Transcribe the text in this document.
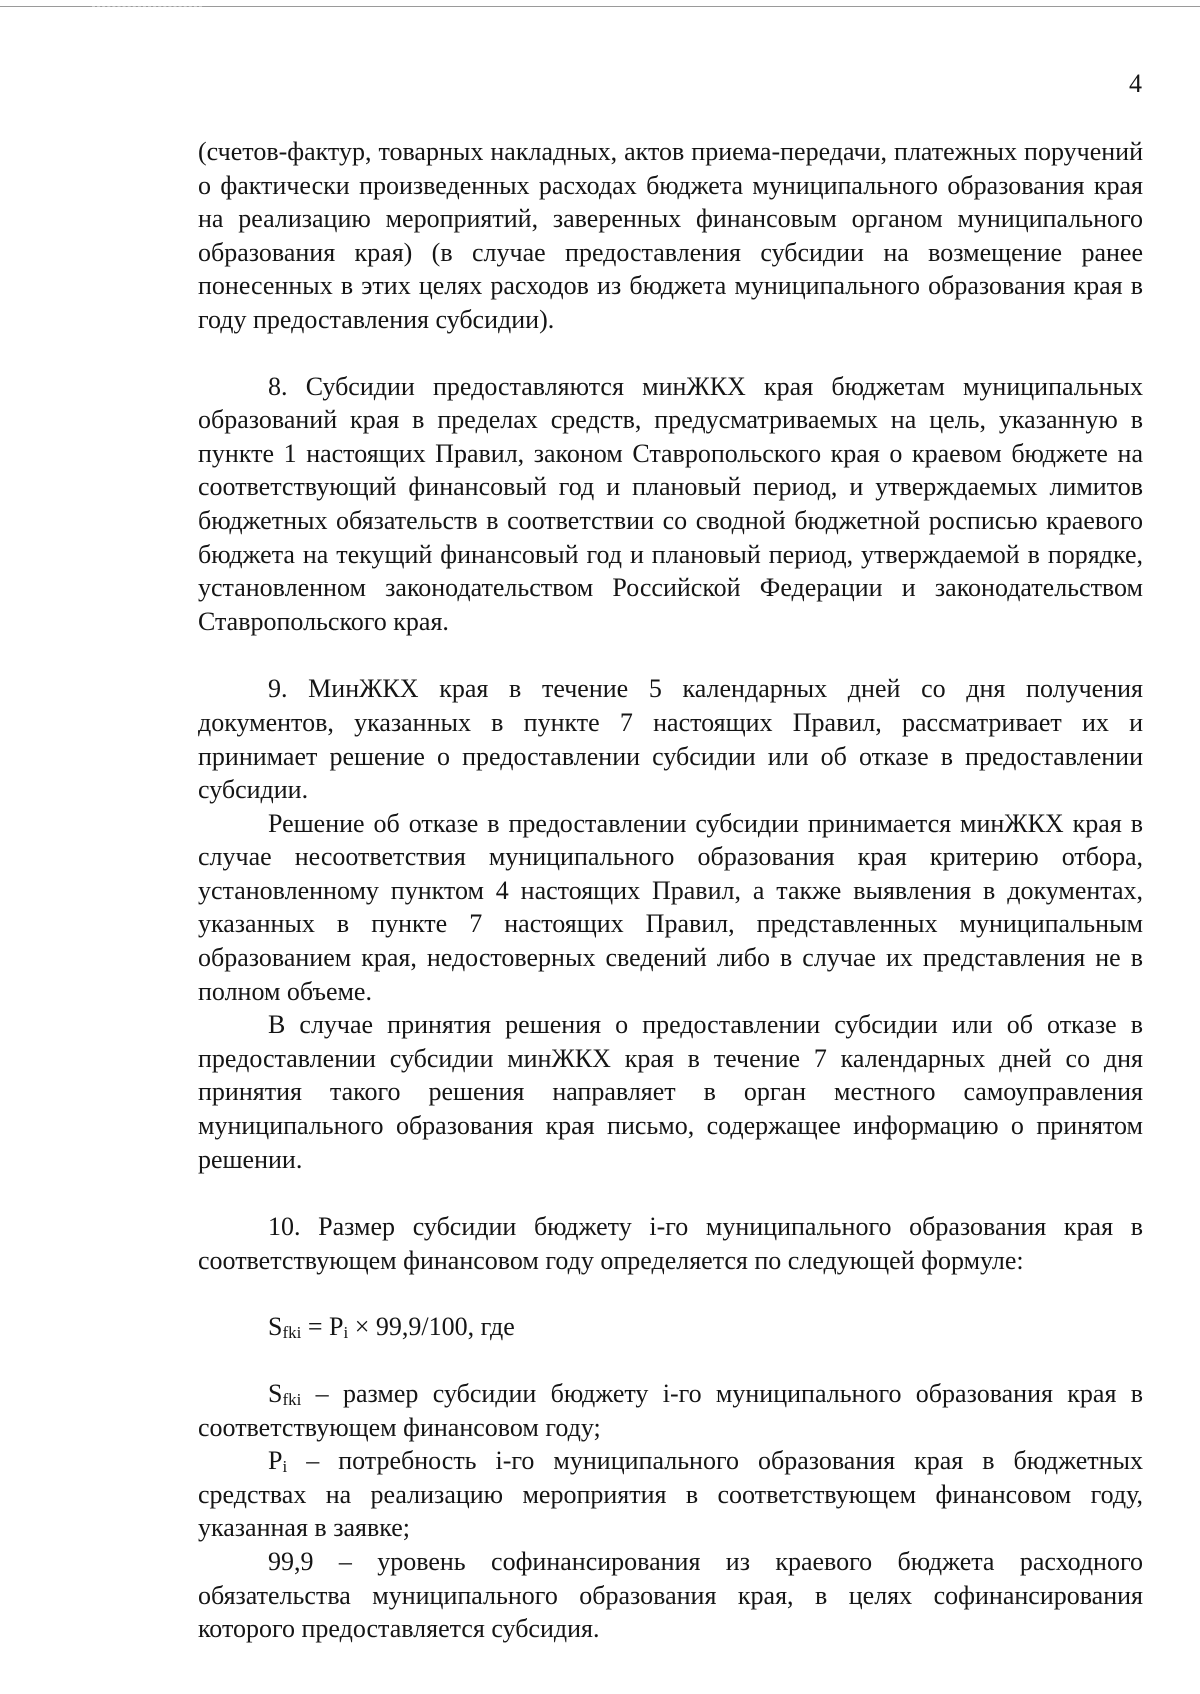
4

(счетов-фактур, товарных накладных, актов приема-передачи, платежных поручений о фактически произведенных расходах бюджета муниципального образования края на реализацию мероприятий, заверенных финансовым органом муниципального образования края) (в случае предоставления субсидии на возмещение ранее понесенных в этих целях расходов из бюджета муниципального образования края в году предоставления субсидии).

8. Субсидии предоставляются минЖКХ края бюджетам муниципальных образований края в пределах средств, предусматриваемых на цель, указанную в пункте 1 настоящих Правил, законом Ставропольского края о краевом бюджете на соответствующий финансовый год и плановый период, и утверждаемых лимитов бюджетных обязательств в соответствии со сводной бюджетной росписью краевого бюджета на текущий финансовый год и плановый период, утверждаемой в порядке, установленном законодательством Российской Федерации и законодательством Ставропольского края.

9. МинЖКХ края в течение 5 календарных дней со дня получения документов, указанных в пункте 7 настоящих Правил, рассматривает их и принимает решение о предоставлении субсидии или об отказе в предоставлении субсидии.

Решение об отказе в предоставлении субсидии принимается минЖКХ края в случае несоответствия муниципального образования края критерию отбора, установленному пунктом 4 настоящих Правил, а также выявления в документах, указанных в пункте 7 настоящих Правил, представленных муниципальным образованием края, недостоверных сведений либо в случае их представления не в полном объеме.

В случае принятия решения о предоставлении субсидии или об отказе в предоставлении субсидии минЖКХ края в течение 7 календарных дней со дня принятия такого решения направляет в орган местного самоуправления муниципального образования края письмо, содержащее информацию о принятом решении.

10. Размер субсидии бюджету i-го муниципального образования края в соответствующем финансовом году определяется по следующей формуле:

$S_{fki} = P_i \times 99,9/100$, где

$S_{fki}$ – размер субсидии бюджету i-го муниципального образования края в соответствующем финансовом году;

$P_i$ – потребность i-го муниципального образования края в бюджетных средствах на реализацию мероприятия в соответствующем финансовом году, указанная в заявке;

99,9 – уровень софинансирования из краевого бюджета расходного обязательства муниципального образования края, в целях софинансирования которого предоставляется субсидия.
